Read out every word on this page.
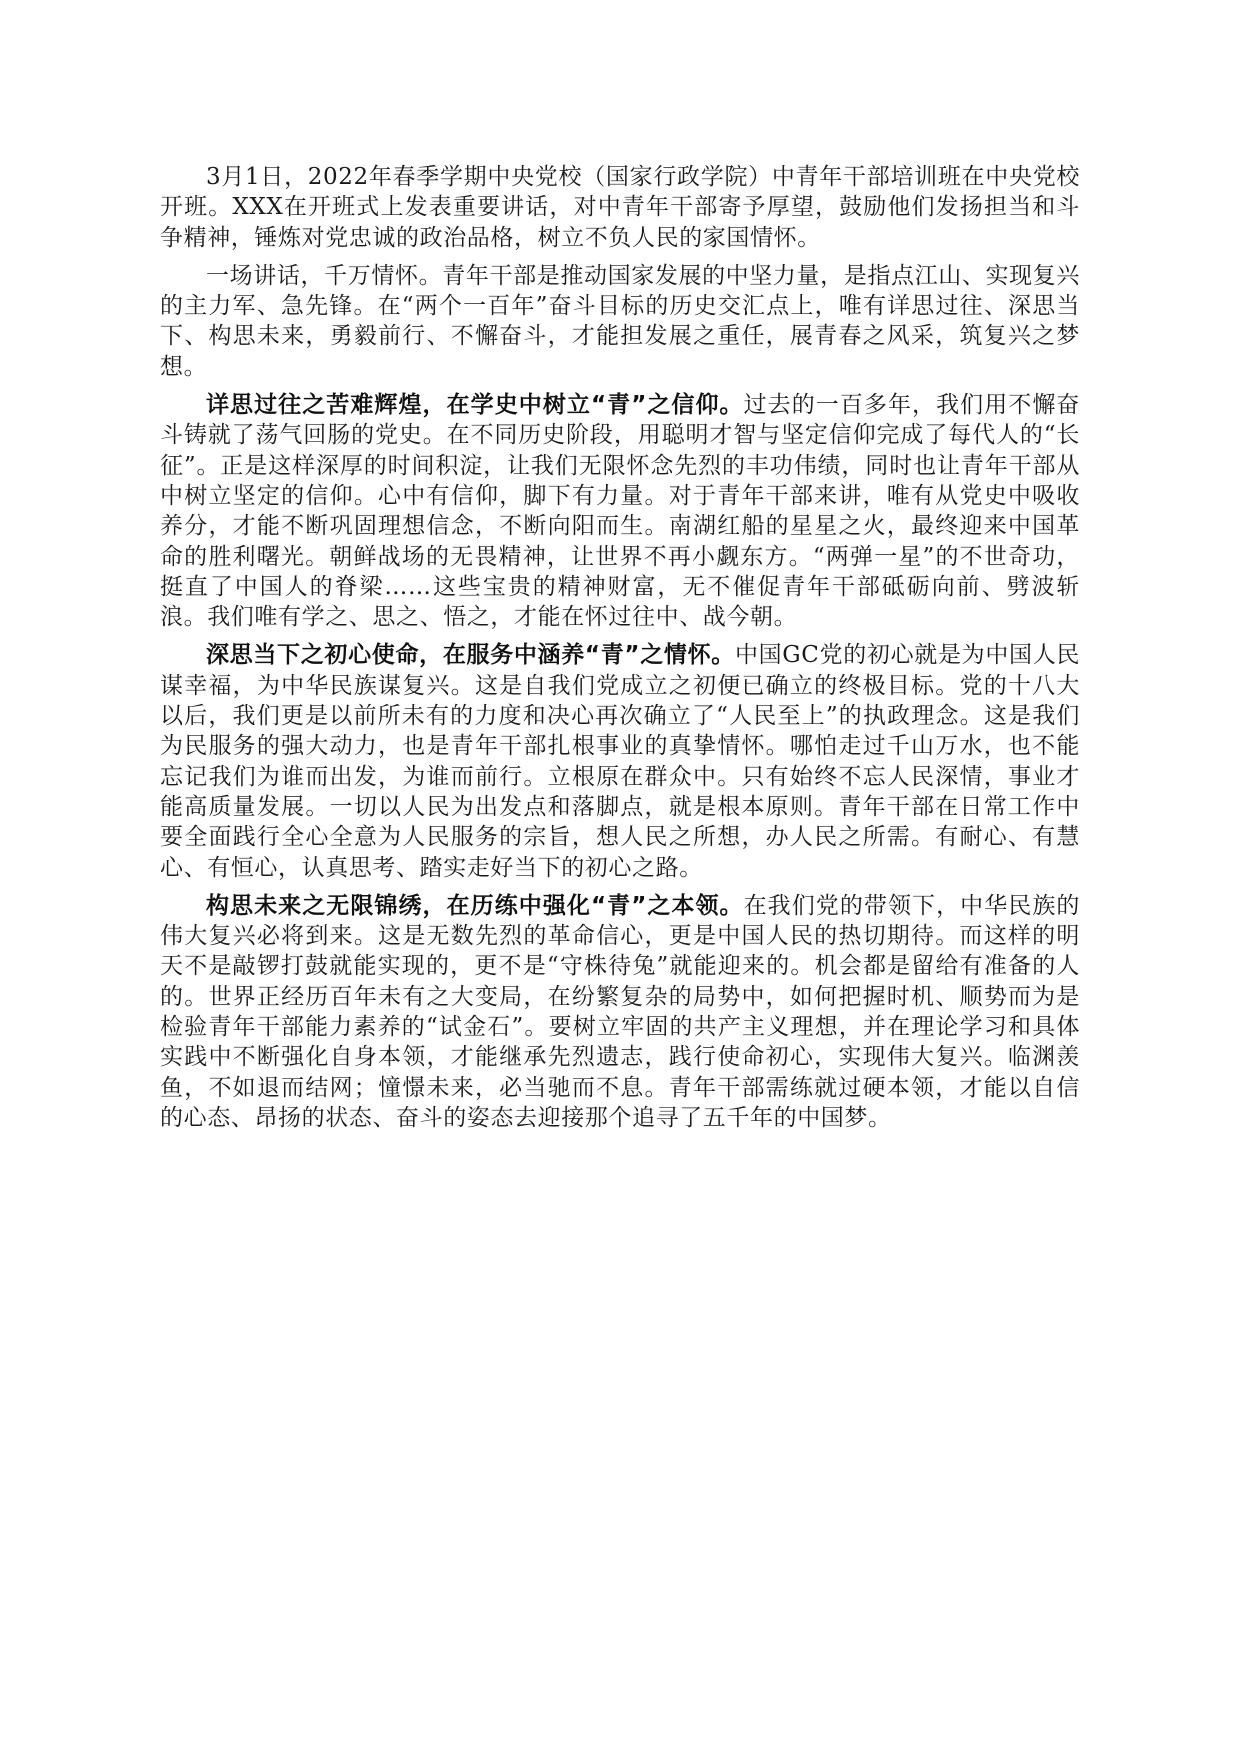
3月1日，2022年春季学期中央党校（国家行政学院）中青年干部培训班在中央党校开班。XXX在开班式上发表重要讲话，对中青年干部寄予厚望，鼓励他们发扬担当和斗争精神，锤炼对党忠诚的政治品格，树立不负人民的家国情怀。

一场讲话，千万情怀。青年干部是推动国家发展的中坚力量，是指点江山、实现复兴的主力军、急先锋。在“两个一百年”奋斗目标的历史交汇点上，唯有详思过往、深思当下、构思未来，勇毅前行、不懈奋斗，才能担发展之重任，展青春之风采，筑复兴之梦想。

详思过往之苦难辉煌，在学史中树立“青”之信仰。过去的一百多年，我们用不懈奋斗铸就了荡气回肠的党史。在不同历史阶段，用聪明才智与坚定信仰完成了每代人的“长征”。正是这样深厚的时间积淀，让我们无限怀念先烈的丰功伟绩，同时也让青年干部从中树立坚定的信仰。心中有信仰，脚下有力量。对于青年干部来讲，唯有从党史中吸收养分，才能不断巩固理想信念，不断向阳而生。南湖红船的星星之火，最终迎来中国革命的胜利曙光。朝鲜战场的无畏精神，让世界不再小觑东方。“两弹一星”的不世奇功，挺直了中国人的脊梁……这些宝贵的精神财富，无不催促青年干部砥砺向前、劈波斩浪。我们唯有学之、思之、悟之，才能在怀过往中、战今朝。

深思当下之初心使命，在服务中涵养“青”之情怀。中国GC党的初心就是为中国人民谋幸福，为中华民族谋复兴。这是自我们党成立之初便已确立的终极目标。党的十八大以后，我们更是以前所未有的力度和决心再次确立了“人民至上”的执政理念。这是我们为民服务的强大动力，也是青年干部扎根事业的真挚情怀。哪怕走过千山万水，也不能忘记我们为谁而出发，为谁而前行。立根原在群众中。只有始终不忘人民深情，事业才能高质量发展。一切以人民为出发点和落脚点，就是根本原则。青年干部在日常工作中要全面践行全心全意为人民服务的宗旨，想人民之所想，办人民之所需。有耐心、有慧心、有恒心，认真思考、踏实走好当下的初心之路。

构思未来之无限锦绣，在历练中强化“青”之本领。在我们党的带领下，中华民族的伟大复兴必将到来。这是无数先烈的革命信心，更是中国人民的热切期待。而这样的明天不是敲锣打鼓就能实现的，更不是“守株待兔”就能迎来的。机会都是留给有准备的人的。世界正经历百年未有之大变局，在纷繁复杂的局势中，如何把握时机、顺势而为是检验青年干部能力素养的“试金石”。要树立牢固的共产主义理想，并在理论学习和具体实践中不断强化自身本领，才能继承先烈遗志，践行使命初心，实现伟大复兴。临渊羡鱼，不如退而结网；憧憬未来，必当驰而不息。青年干部需练就过硬本领，才能以自信的心态、昂扬的状态、奋斗的姿态去迎接那个追寻了五千年的中国梦。
